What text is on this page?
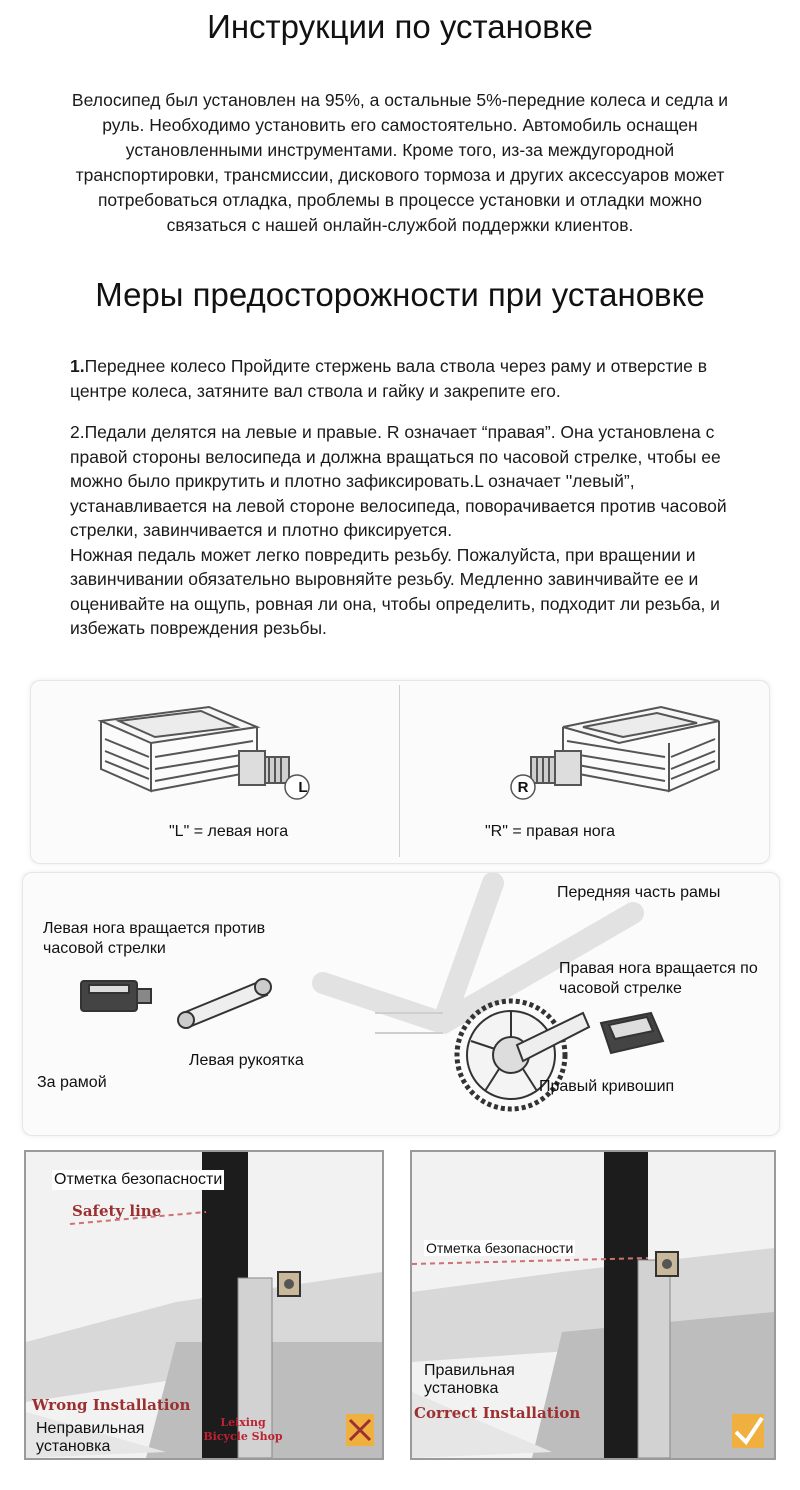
Инструкции по установке
Велосипед был установлен на 95%, а остальные 5%-передние колеса и седла и руль. Необходимо установить его самостоятельно. Автомобиль оснащен установленными инструментами. Кроме того, из-за междугородной транспортировки, трансмиссии, дискового тормоза и других аксессуаров может потребоваться отладка, проблемы в процессе установки и отладки можно связаться с нашей онлайн-службой поддержки клиентов.
Меры предосторожности при установке
1.Переднее колесо Пройдите стержень вала ствола через раму и отверстие в центре колеса, затяните вал ствола и гайку и закрепите его.
2.Педали делятся на левые и правые. R означает “правая”. Она установлена с правой стороны велосипеда и должна вращаться по часовой стрелке, чтобы ее можно было прикрутить и плотно зафиксировать.L означает ''левый”, устанавливается на левой стороне велосипеда, поворачивается против часовой стрелки, завинчивается и плотно фиксируется.
Ножная педаль может легко повредить резьбу. Пожалуйста, при вращении и завинчивании обязательно выровняйте резьбу. Медленно завинчивайте ее и оценивайте на ощупь, ровная ли она, чтобы определить, подходит ли резьба, и избежать повреждения резьбы.
L
"L" = левая нога
R
"R" = правая нога
Передняя часть рамы
Левая нога вращается против часовой стрелки
Правая нога вращается по часовой стрелке
Левая рукоятка
За рамой	Правый кривошип
Отметка безопасности
Safety line
Wrong Installation
Неправильная установка
Leixing Bicycle Shop
Отметка безопасности
Правильная установка
Correct Installation
